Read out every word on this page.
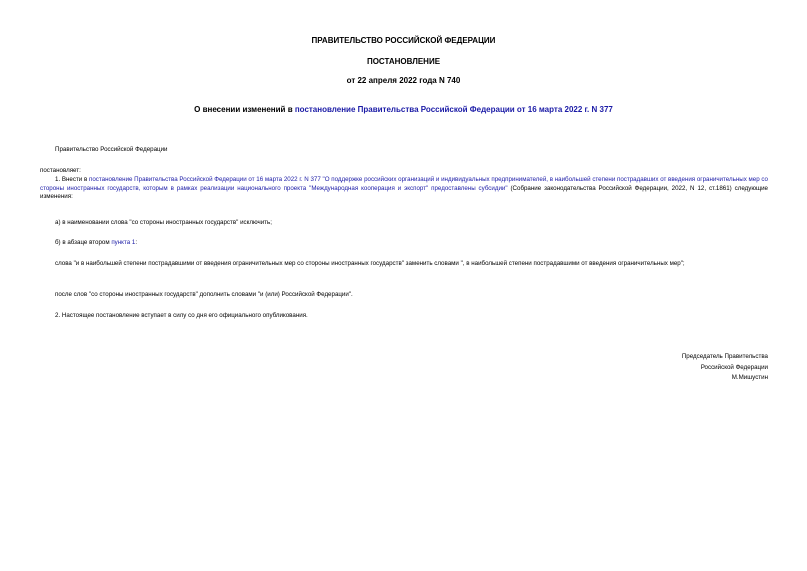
ПРАВИТЕЛЬСТВО РОССИЙСКОЙ ФЕДЕРАЦИИ
ПОСТАНОВЛЕНИЕ
от 22 апреля 2022 года N 740
О внесении изменений в постановление Правительства Российской Федерации от 16 марта 2022 г. N 377
Правительство Российской Федерации
постановляет:
1. Внести в постановление Правительства Российской Федерации от 16 марта 2022 г. N 377 "О поддержке российских организаций и индивидуальных предпринимателей, в наибольшей степени пострадавших от введения ограничительных мер со стороны иностранных государств, которым в рамках реализации национального проекта "Международная кооперация и экспорт" предоставлены субсидии" (Собрание законодательства Российской Федерации, 2022, N 12, ст.1861) следующие изменения:
а) в наименовании слова "со стороны иностранных государств" исключить;
б) в абзаце втором пункта 1:
слова "и в наибольшей степени пострадавшими от введения ограничительных мер со стороны иностранных государств" заменить словами ", в наибольшей степени пострадавшими от введения ограничительных мер";
после слов "со стороны иностранных государств" дополнить словами "и (или) Российской Федерации".
2. Настоящее постановление вступает в силу со дня его официального опубликования.
Председатель Правительства
Российской Федерации
М.Мишустин
